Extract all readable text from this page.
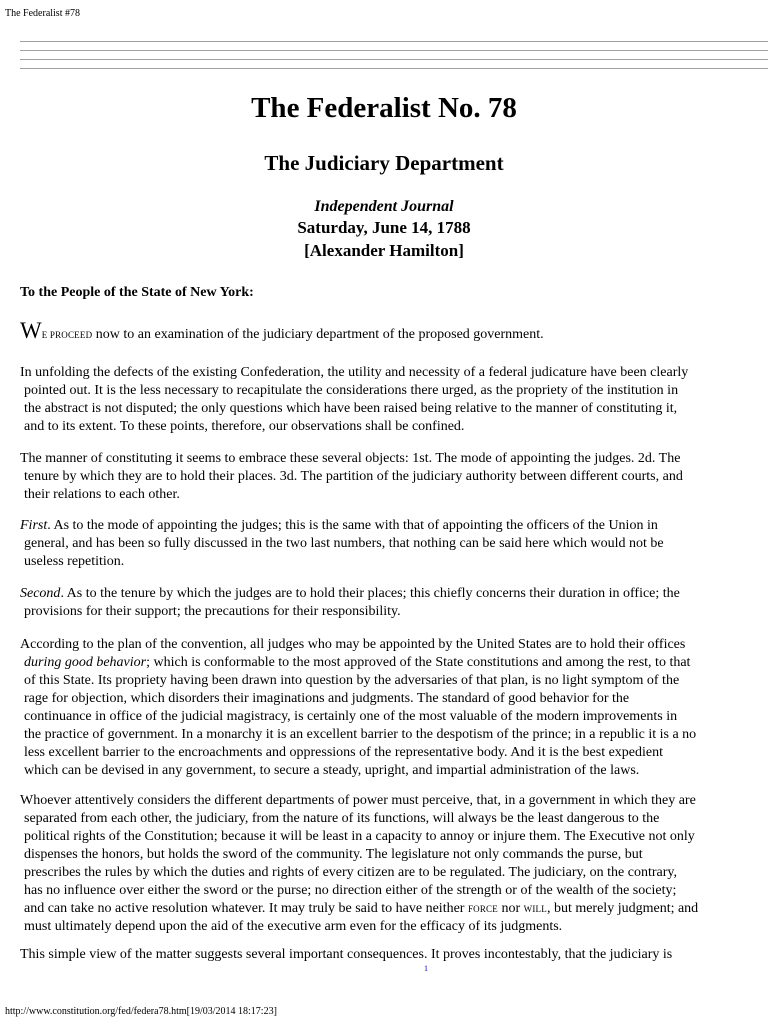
The Federalist #78
The Federalist No. 78
The Judiciary Department
Independent Journal
Saturday, June 14, 1788
[Alexander Hamilton]
To the People of the State of New York:
WE PROCEED now to an examination of the judiciary department of the proposed government.
In unfolding the defects of the existing Confederation, the utility and necessity of a federal judicature have been clearly
pointed out. It is the less necessary to recapitulate the considerations there urged, as the propriety of the institution in
the abstract is not disputed; the only questions which have been raised being relative to the manner of constituting it,
and to its extent. To these points, therefore, our observations shall be confined.
The manner of constituting it seems to embrace these several objects: 1st. The mode of appointing the judges. 2d. The
tenure by which they are to hold their places. 3d. The partition of the judiciary authority between different courts, and
their relations to each other.
First. As to the mode of appointing the judges; this is the same with that of appointing the officers of the Union in
general, and has been so fully discussed in the two last numbers, that nothing can be said here which would not be
useless repetition.
Second. As to the tenure by which the judges are to hold their places; this chiefly concerns their duration in office; the
provisions for their support; the precautions for their responsibility.
According to the plan of the convention, all judges who may be appointed by the United States are to hold their offices
during good behavior; which is conformable to the most approved of the State constitutions and among the rest, to that
of this State. Its propriety having been drawn into question by the adversaries of that plan, is no light symptom of the
rage for objection, which disorders their imaginations and judgments. The standard of good behavior for the
continuance in office of the judicial magistracy, is certainly one of the most valuable of the modern improvements in
the practice of government. In a monarchy it is an excellent barrier to the despotism of the prince; in a republic it is a no
less excellent barrier to the encroachments and oppressions of the representative body. And it is the best expedient
which can be devised in any government, to secure a steady, upright, and impartial administration of the laws.
Whoever attentively considers the different departments of power must perceive, that, in a government in which they are
separated from each other, the judiciary, from the nature of its functions, will always be the least dangerous to the
political rights of the Constitution; because it will be least in a capacity to annoy or injure them. The Executive not only
dispenses the honors, but holds the sword of the community. The legislature not only commands the purse, but
prescribes the rules by which the duties and rights of every citizen are to be regulated. The judiciary, on the contrary,
has no influence over either the sword or the purse; no direction either of the strength or of the wealth of the society;
and can take no active resolution whatever. It may truly be said to have neither FORCE nor WILL, but merely judgment; and
must ultimately depend upon the aid of the executive arm even for the efficacy of its judgments.
This simple view of the matter suggests several important consequences. It proves incontestably, that the judiciary is
1
http://www.constitution.org/fed/federa78.htm[19/03/2014 18:17:23]
